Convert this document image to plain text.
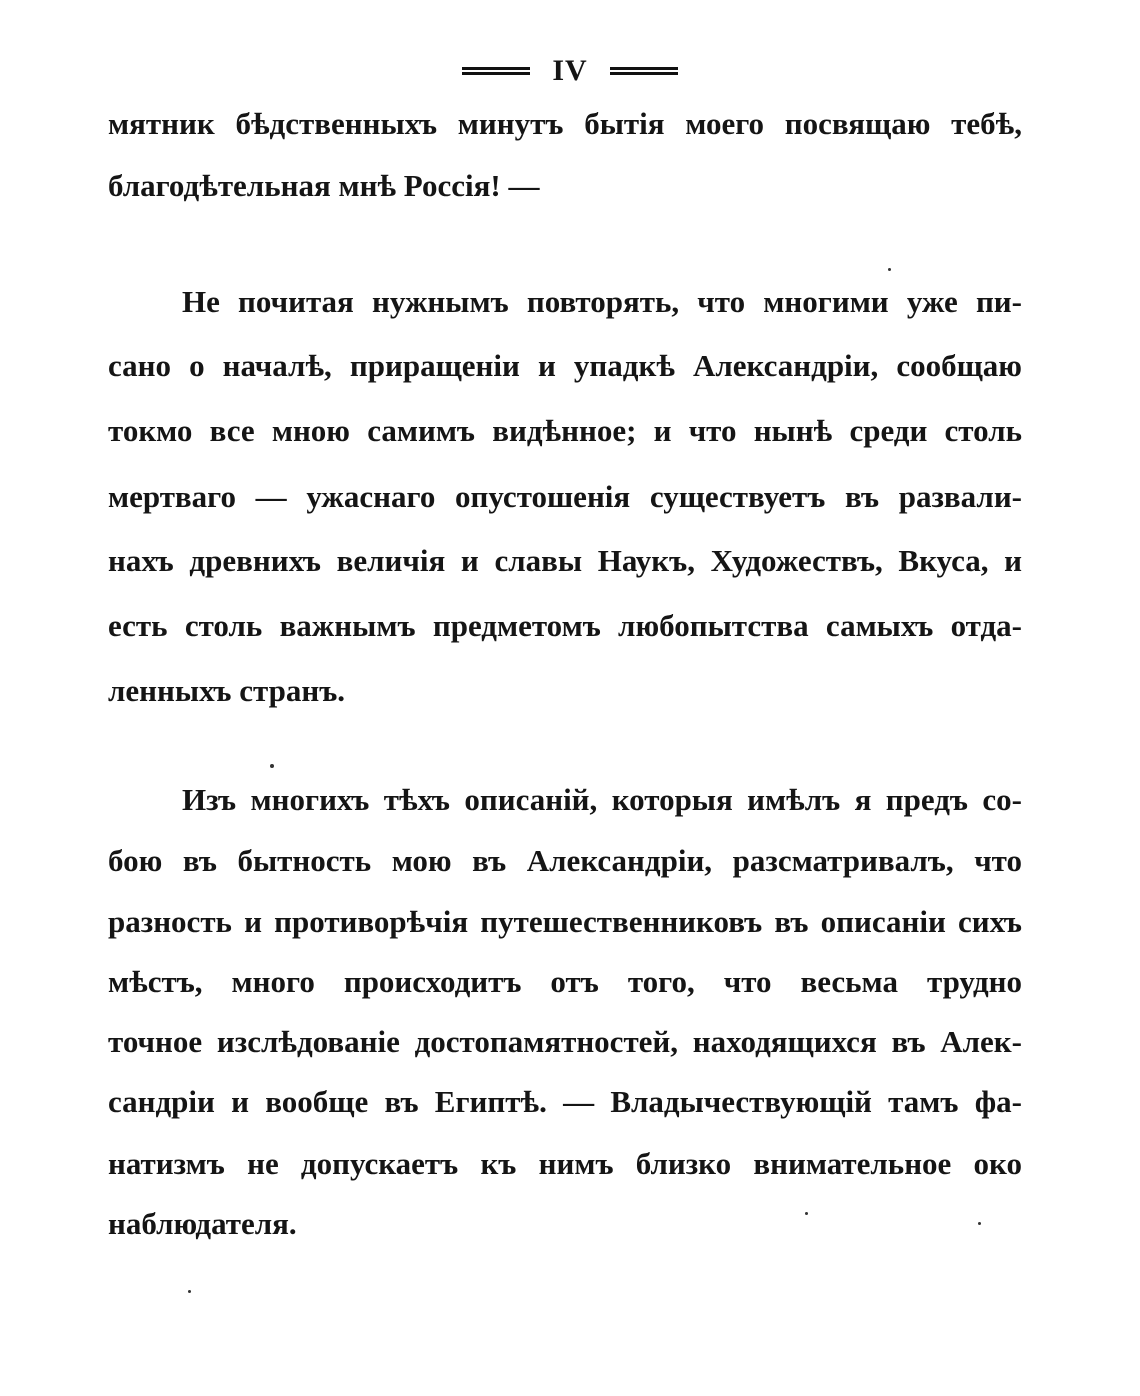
IV
мятник бѣдственныхъ минутъ бытія моего посвящаю тебѣ,
благодѣтельная мнѣ Россія! —
Не почитая нужнымъ повторять, что многими уже пи-
сано о началѣ, приращеніи и упадкѣ Александріи, сообщаю
токмо все мною самимъ видѣнное; и что нынѣ среди столь
мертваго — ужаснаго опустошенія существуетъ въ развали-
нахъ древнихъ величія и славы Наукъ, Художествъ, Вкуса, и
есть столь важнымъ предметомъ любопытства самыхъ отда-
ленныхъ странъ.
Изъ многихъ тѣхъ описаній, которыя имѣлъ я предъ со-
бою въ бытность мою въ Александріи, разсматривалъ, что
разность и противорѣчія путешественниковъ въ описаніи сихъ
мѣстъ, много происходитъ отъ того, что весьма трудно
точное изслѣдованіе достопамятностей, находящихся въ Алек-
сандріи и вообще въ Египтѣ. — Владычествующій тамъ фа-
натизмъ не допускаетъ къ нимъ близко внимательное око
наблюдателя.
